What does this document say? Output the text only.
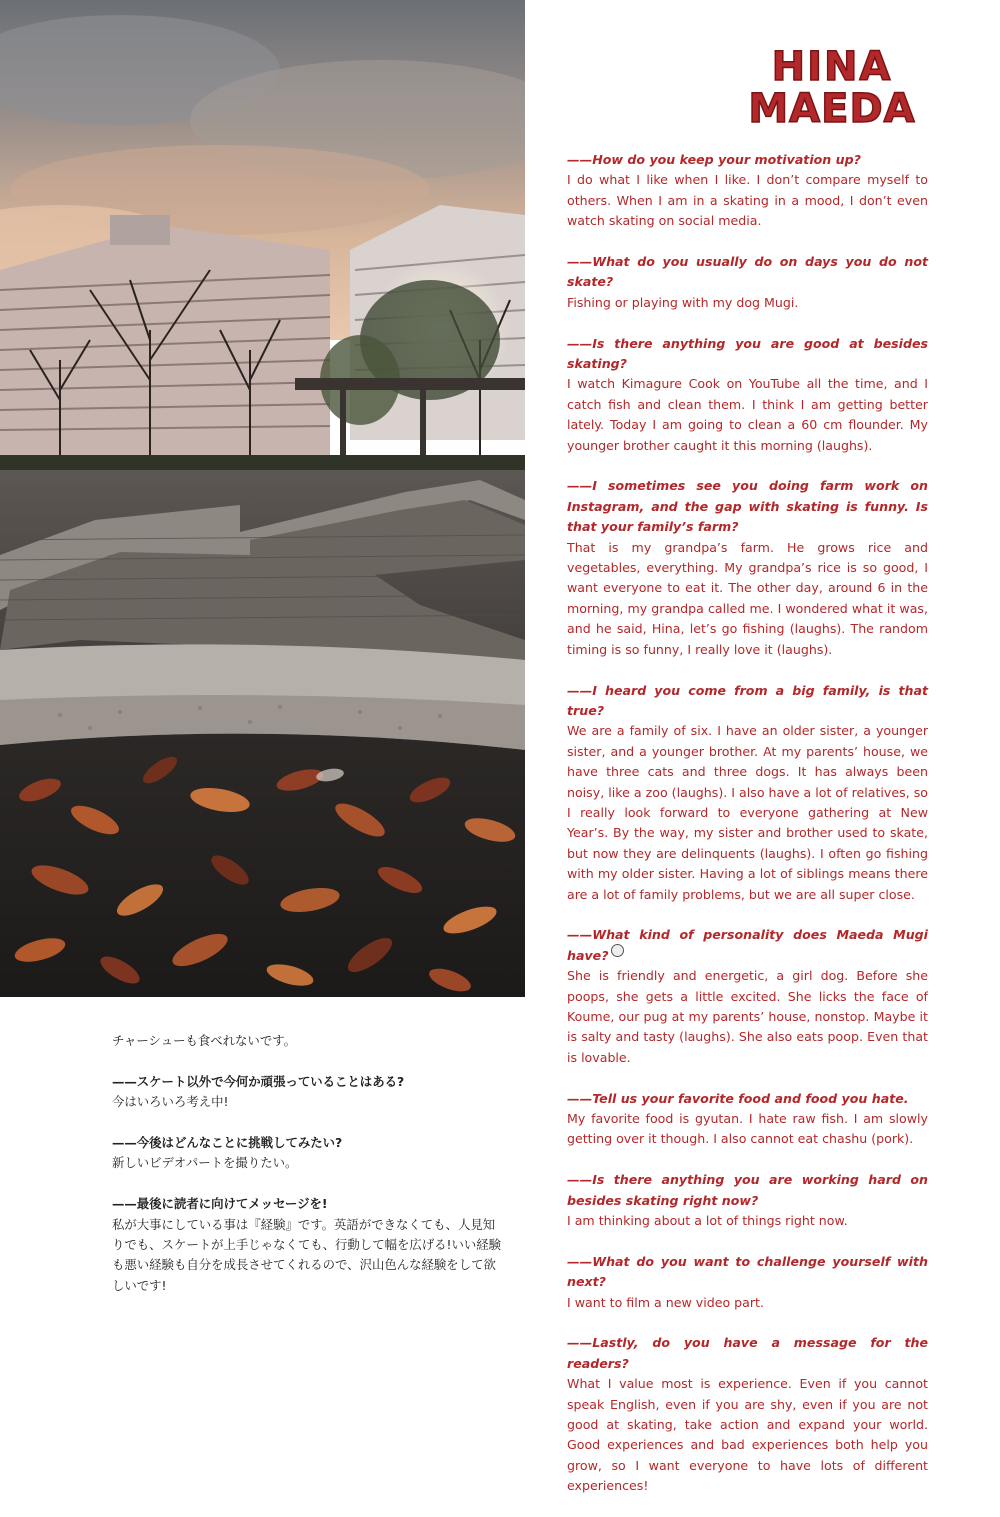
HINA
MAEDA

——How do you keep your motivation up?

I do what I like when I like. I don’t compare myself to others. When I am in a skating in a mood, I don’t even watch skating on social media.

——What do you usually do on days you do not skate?

Fishing or playing with my dog Mugi.

——Is there anything you are good at besides skating?

I watch Kimagure Cook on YouTube all the time, and I catch fish and clean them. I think I am getting better lately. Today I am going to clean a 60 cm flounder. My younger brother caught it this morning (laughs).

——I sometimes see you doing farm work on Instagram, and the gap with skating is funny. Is that your family’s farm?

That is my grandpa’s farm. He grows rice and vegetables, everything. My grandpa’s rice is so good, I want everyone to eat it. The other day, around 6 in the morning, my grandpa called me. I wondered what it was, and he said, Hina, let’s go fishing (laughs). The random timing is so funny, I really love it (laughs).

——I heard you come from a big family, is that true?

We are a family of six. I have an older sister, a younger sister, and a younger brother. At my parents’ house, we have three cats and three dogs. It has always been noisy, like a zoo (laughs). I also have a lot of relatives, so I really look forward to everyone gathering at New Year’s. By the way, my sister and brother used to skate, but now they are delinquents (laughs). I often go fishing with my older sister. Having a lot of siblings means there are a lot of family problems, but we are all super close.

——What kind of personality does Maeda Mugi have?

She is friendly and energetic, a girl dog. Before she poops, she gets a little excited. She licks the face of Koume, our pug at my parents’ house, nonstop. Maybe it is salty and tasty (laughs). She also eats poop. Even that is lovable.

——Tell us your favorite food and food you hate.

My favorite food is gyutan. I hate raw fish. I am slowly getting over it though. I also cannot eat chashu (pork).

——Is there anything you are working hard on besides skating right now?

I am thinking about a lot of things right now.

——What do you want to challenge yourself with next?

I want to film a new video part.

——Lastly, do you have a message for the readers?

What I value most is experience. Even if you cannot speak English, even if you are shy, even if you are not good at skating, take action and expand your world. Good experiences and bad experiences both help you grow, so I want everyone to have lots of different experiences!

チャーシューも食べれないです。

——スケート以外で今何か頑張っていることはある?

今はいろいろ考え中!

——今後はどんなことに挑戦してみたい?

新しいビデオパートを撮りたい。

——最後に読者に向けてメッセージを!

私が大事にしている事は『経験』です。英語ができなくても、人見知りでも、スケートが上手じゃなくても、行動して幅を広げる!いい経験も悪い経験も自分を成長させてくれるので、沢山色んな経験をして欲しいです!
